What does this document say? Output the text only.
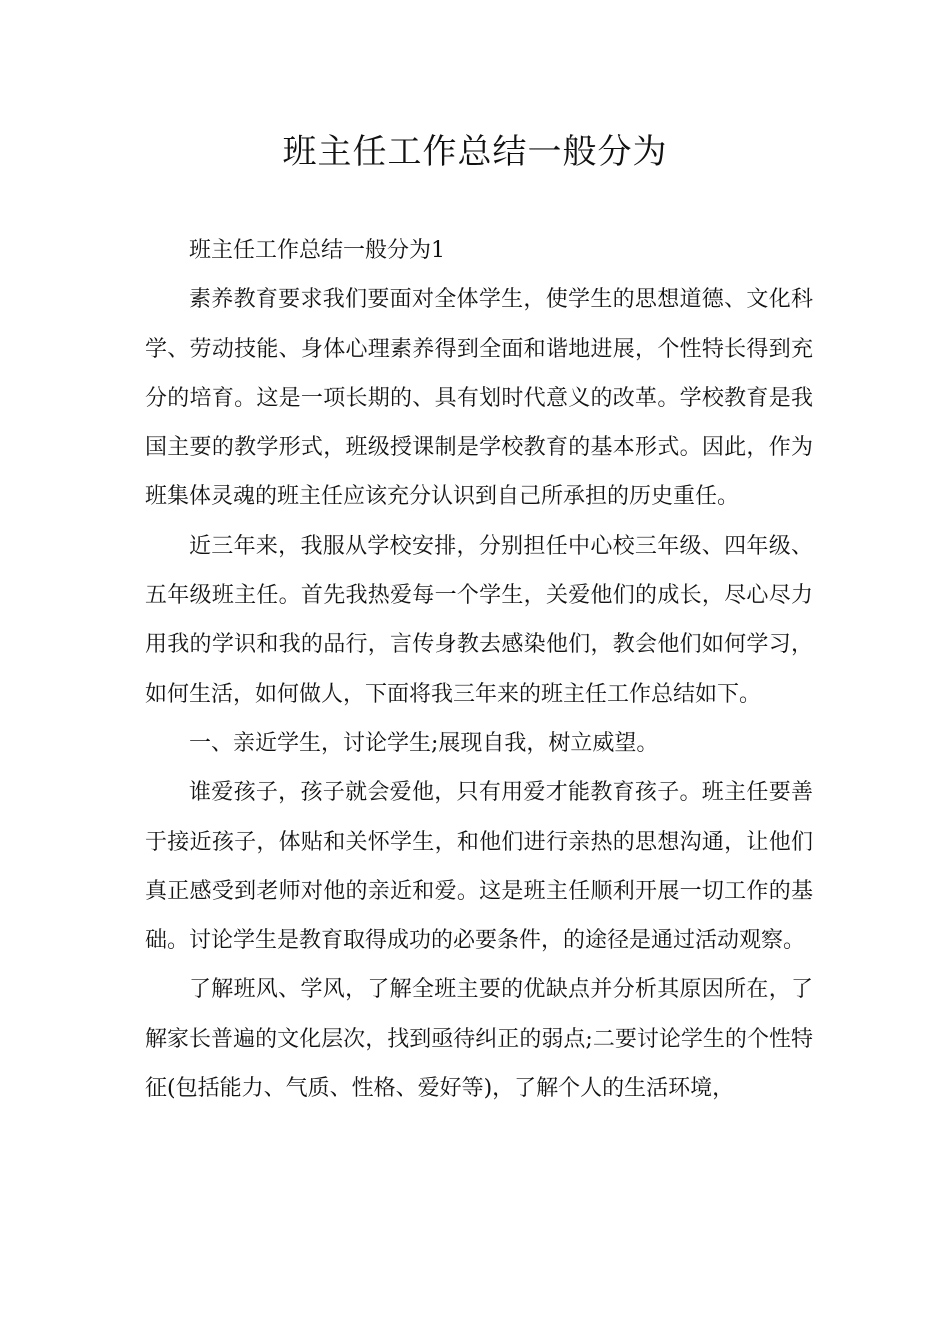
班主任工作总结一般分为

班主任工作总结一般分为1

素养教育要求我们要面对全体学生，使学生的思想道德、文化科学、劳动技能、身体心理素养得到全面和谐地进展，个性特长得到充分的培育。这是一项长期的、具有划时代意义的改革。学校教育是我国主要的教学形式，班级授课制是学校教育的基本形式。因此，作为班集体灵魂的班主任应该充分认识到自己所承担的历史重任。

近三年来，我服从学校安排，分别担任中心校三年级、四年级、五年级班主任。首先我热爱每一个学生，关爱他们的成长，尽心尽力用我的学识和我的品行，言传身教去感染他们，教会他们如何学习，如何生活，如何做人，下面将我三年来的班主任工作总结如下。

一、亲近学生，讨论学生;展现自我，树立威望。

谁爱孩子，孩子就会爱他，只有用爱才能教育孩子。班主任要善于接近孩子，体贴和关怀学生，和他们进行亲热的思想沟通，让他们真正感受到老师对他的亲近和爱。这是班主任顺利开展一切工作的基础。讨论学生是教育取得成功的必要条件，的途径是通过活动观察。

了解班风、学风，了解全班主要的优缺点并分析其原因所在，了解家长普遍的文化层次，找到亟待纠正的弱点;二要讨论学生的个性特征(包括能力、气质、性格、爱好等)，了解个人的生活环境，
